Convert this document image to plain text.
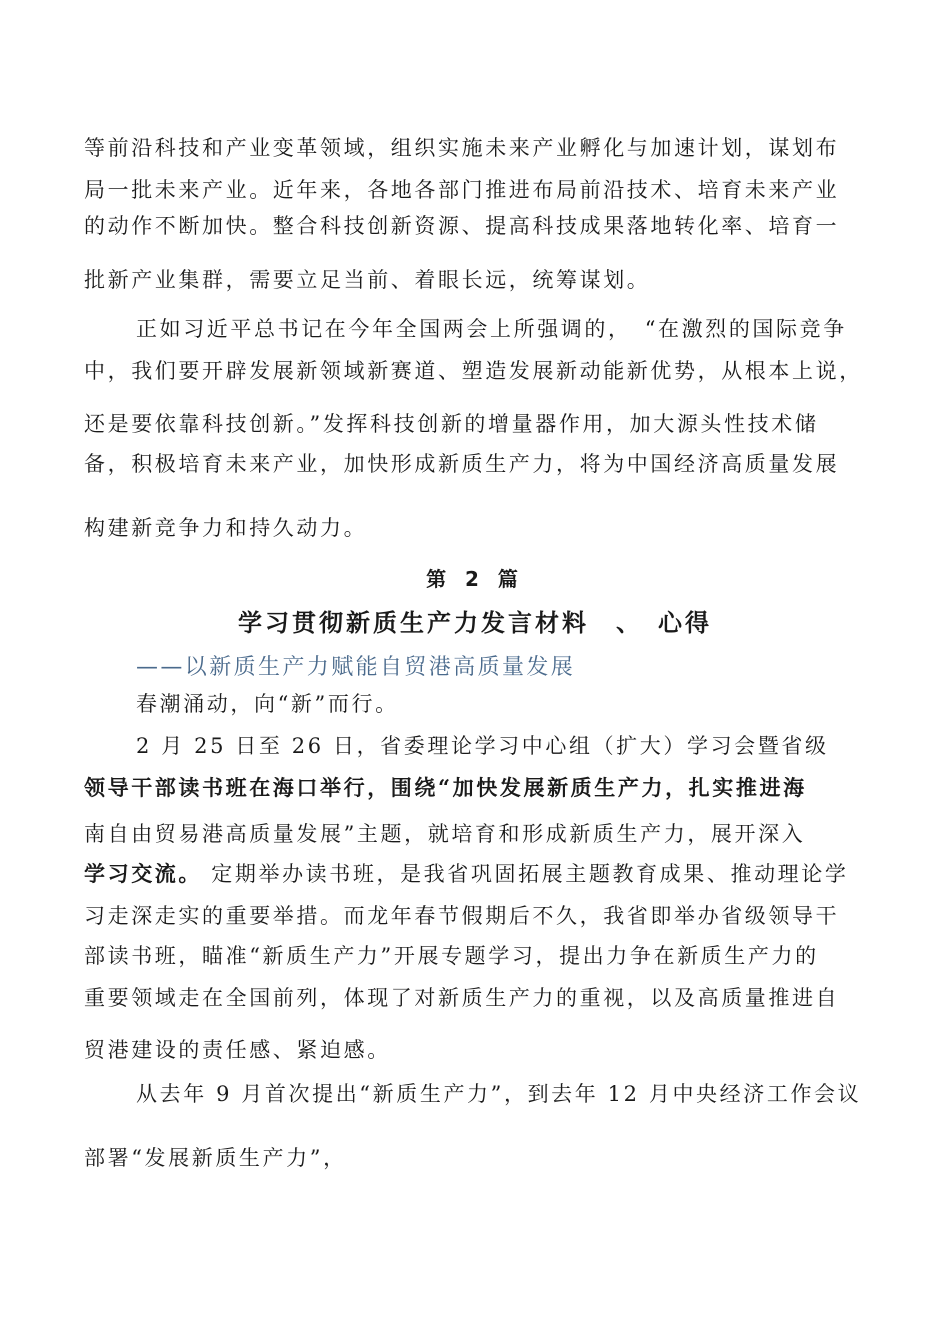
等前沿科技和产业变革领域，组织实施未来产业孵化与加速计划，谋划布
局一批未来产业。近年来，各地各部门推进布局前沿技术、培育未来产业
的动作不断加快。整合科技创新资源、提高科技成果落地转化率、培育一
批新产业集群，需要立足当前、着眼长远，统筹谋划。
正如习近平总书记在今年全国两会上所强调的，　“在激烈的国际竞争
中，我们要开辟发展新领域新赛道、塑造发展新动能新优势，从根本上说，
还是要依靠科技创新。”发挥科技创新的增量器作用，加大源头性技术储
备，积极培育未来产业，加快形成新质生产力，将为中国经济高质量发展
构建新竞争力和持久动力。
第 2 篇
学习贯彻新质生产力发言材料　、　心得
——以新质生产力赋能自贸港高质量发展
春潮涌动，向“新”而行。
2 月 25 日至 26 日，省委理论学习中心组（扩大）学习会暨省级
领导干部读书班在海口举行，围绕“加快发展新质生产力，扎实推进海
南自由贸易港高质量发展”主题，就培育和形成新质生产力，展开深入
学习交流。 定期举办读书班，是我省巩固拓展主题教育成果、推动理论学
习走深走实的重要举措。而龙年春节假期后不久，我省即举办省级领导干
部读书班，瞄准“新质生产力”开展专题学习，提出力争在新质生产力的
重要领域走在全国前列，体现了对新质生产力的重视，以及高质量推进自
贸港建设的责任感、紧迫感。
从去年 9 月首次提出“新质生产力”，到去年 12 月中央经济工作会议
部署“发展新质生产力”，
